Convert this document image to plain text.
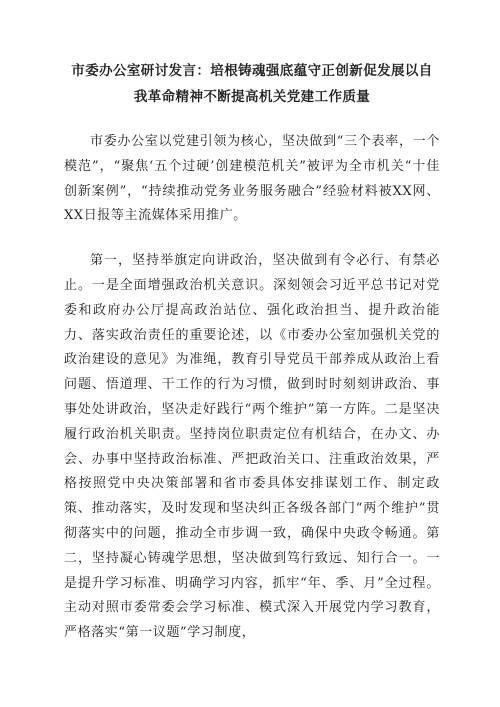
市委办公室研讨发言：培根铸魂强底蕴守正创新促发展以自
我革命精神不断提高机关党建工作质量

市委办公室以党建引领为核心，坚决做到“三个表率，一个模范”，“聚焦‘五个过硬’创建模范机关”被评为全市机关“十佳创新案例”，“持续推动党务业务服务融合”经验材料被XX网、XX日报等主流媒体采用推广。

第一，坚持举旗定向讲政治，坚决做到有令必行、有禁必止。一是全面增强政治机关意识。深刻领会习近平总书记对党委和政府办公厅提高政治站位、强化政治担当、提升政治能力、落实政治责任的重要论述，以《市委办公室加强机关党的政治建设的意见》为准绳，教育引导党员干部养成从政治上看问题、悟道理、干工作的行为习惯，做到时时刻刻讲政治、事事处处讲政治，坚决走好践行“两个维护”第一方阵。二是坚决履行政治机关职责。坚持岗位职责定位有机结合，在办文、办会、办事中坚持政治标准、严把政治关口、注重政治效果，严格按照党中央决策部署和省市委具体安排谋划工作、制定政策、推动落实，及时发现和坚决纠正各级各部门“两个维护”贯彻落实中的问题，推动全市步调一致，确保中央政令畅通。第二，坚持凝心铸魂学思想，坚决做到笃行致远、知行合一。一是提升学习标准、明确学习内容，抓牢“年、季、月”全过程。主动对照市委常委会学习标准、模式深入开展党内学习教育，严格落实“第一议题”学习制度，
